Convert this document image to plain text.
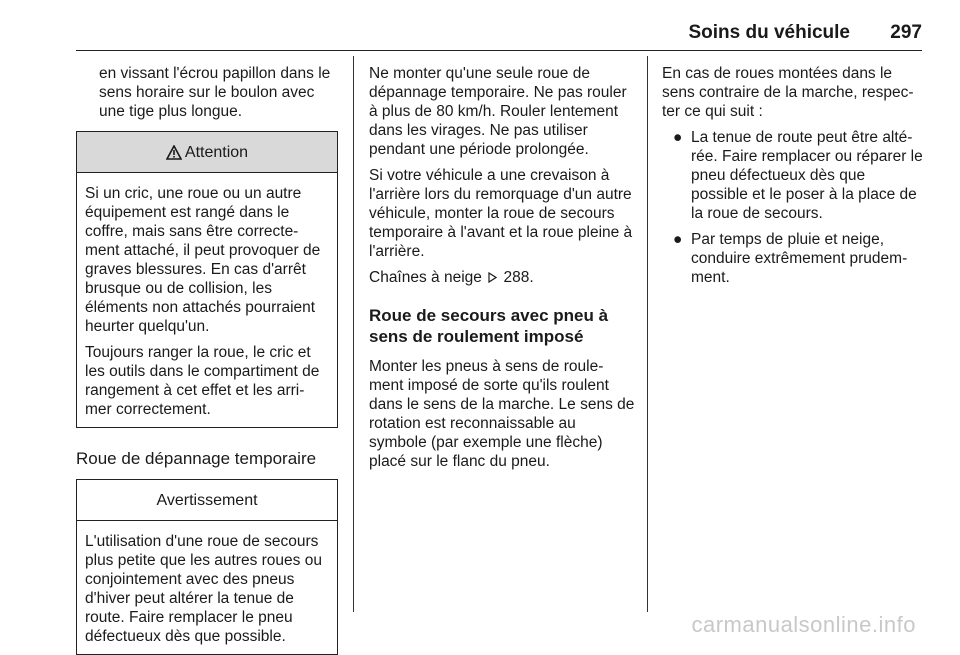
Soins du véhicule 297

en vissant l'écrou papillon dans le sens horaire sur le boulon avec une tige plus longue.

Attention

Si un cric, une roue ou un autre équipement est rangé dans le coffre, mais sans être correcte-ment attaché, il peut provoquer de graves blessures. En cas d'arrêt brusque ou de collision, les éléments non attachés pourraient heurter quelqu'un.

Toujours ranger la roue, le cric et les outils dans le compartiment de rangement à cet effet et les arri-mer correctement.

Roue de dépannage temporaire
Avertissement

L'utilisation d'une roue de secours plus petite que les autres roues ou conjointement avec des pneus d'hiver peut altérer la tenue de route. Faire remplacer le pneu défectueux dès que possible.

Ne monter qu'une seule roue de dépannage temporaire. Ne pas rouler à plus de 80 km/h. Rouler lentement dans les virages. Ne pas utiliser pendant une période prolongée.

Si votre véhicule a une crevaison à l'arrière lors du remorquage d'un autre véhicule, monter la roue de secours temporaire à l'avant et la roue pleine à l'arrière.

Chaînes à neige 288.

Roue de secours avec pneu à sens de roulement imposé

Monter les pneus à sens de roule-ment imposé de sorte qu'ils roulent dans le sens de la marche. Le sens de rotation est reconnaissable au symbole (par exemple une flèche) placé sur le flanc du pneu.

En cas de roues montées dans le sens contraire de la marche, respec-ter ce qui suit :

● La tenue de route peut être alté-rée. Faire remplacer ou réparer le pneu défectueux dès que possible et le poser à la place de la roue de secours.
● Par temps de pluie et neige, conduire extrêmement prudem-ment.
carmanualsonline.info
